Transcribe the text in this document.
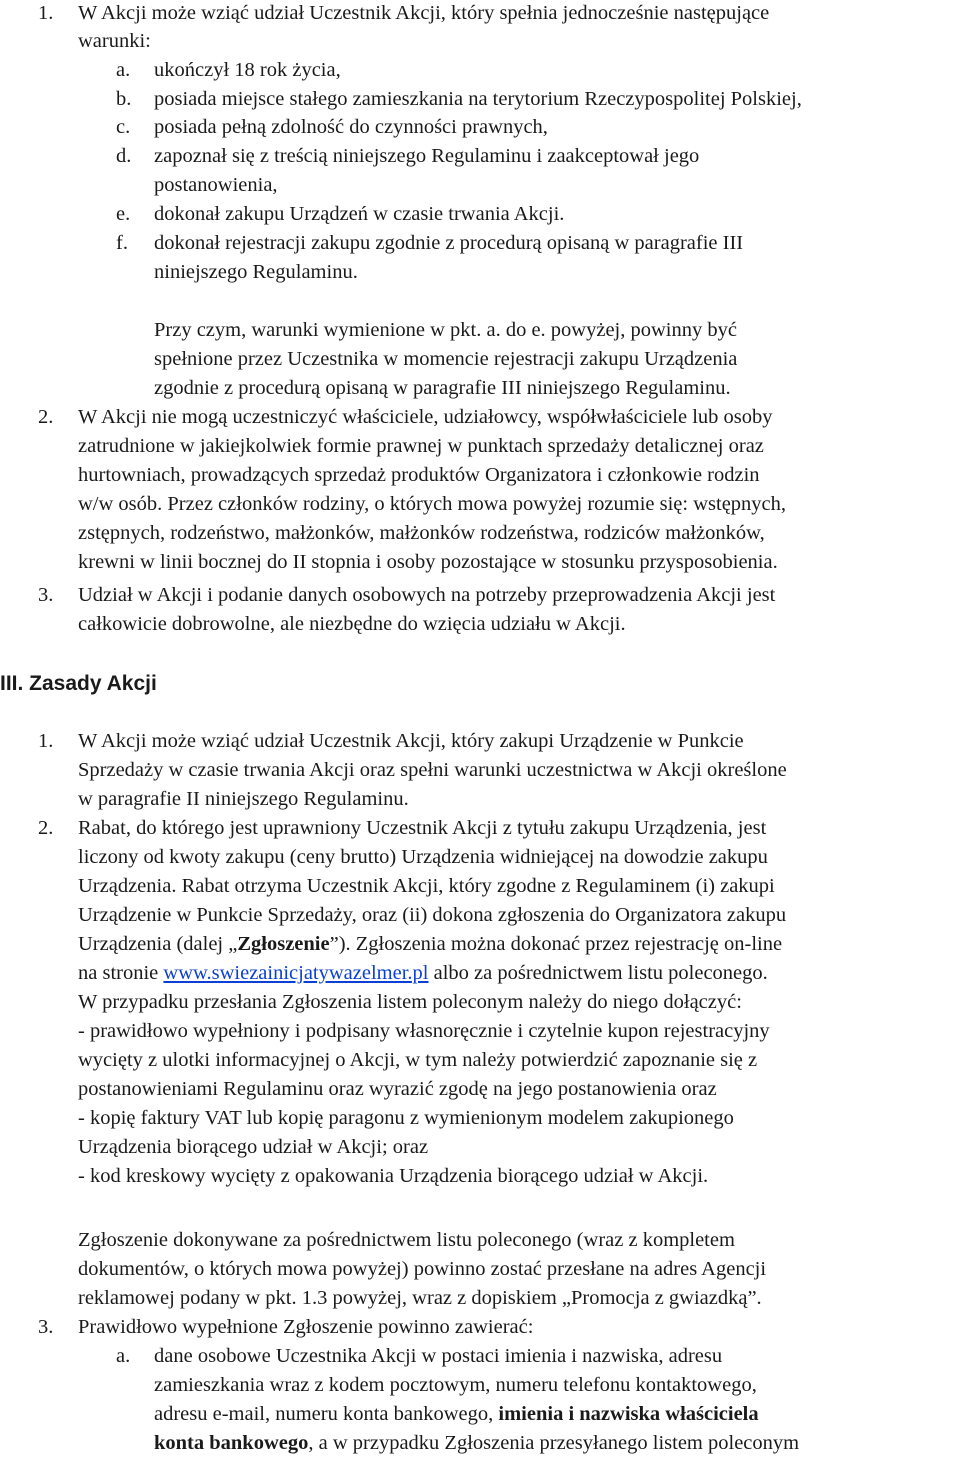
1. W Akcji może wziąć udział Uczestnik Akcji, który spełnia jednocześnie następujące
warunki:
a. ukończył 18 rok życia,
b. posiada miejsce stałego zamieszkania na terytorium Rzeczypospolitej Polskiej,
c. posiada pełną zdolność do czynności prawnych,
d. zapoznał się z treścią niniejszego Regulaminu i zaakceptował jego
postanowienia,
e. dokonał zakupu Urządzeń w czasie trwania Akcji.
f. dokonał rejestracji zakupu zgodnie z procedurą opisaną w paragrafie III
niniejszego Regulaminu.
Przy czym, warunki wymienione w pkt. a. do e. powyżej, powinny być
spełnione przez Uczestnika w momencie rejestracji zakupu Urządzenia
zgodnie z procedurą opisaną w paragrafie III niniejszego Regulaminu.
2. W Akcji nie mogą uczestniczyć właściciele, udziałowcy, współwłaściciele lub osoby
zatrudnione w jakiejkolwiek formie prawnej w punktach sprzedaży detalicznej oraz
hurtowniach, prowadzących sprzedaż produktów Organizatora i członkowie rodzin
w/w osób. Przez członków rodziny, o których mowa powyżej rozumie się: wstępnych,
zstępnych, rodzeństwo, małżonków, małżonków rodzeństwa, rodziców małżonków,
krewni w linii bocznej do II stopnia i osoby pozostające w stosunku przysposobienia.
3. Udział w Akcji i podanie danych osobowych na potrzeby przeprowadzenia Akcji jest
całkowicie dobrowolne, ale niezbędne do wzięcia udziału w Akcji.
III. Zasady Akcji
1. W Akcji może wziąć udział Uczestnik Akcji, który zakupi Urządzenie w Punkcie
Sprzedaży w czasie trwania Akcji oraz spełni warunki uczestnictwa w Akcji określone
w paragrafie II niniejszego Regulaminu.
2. Rabat, do którego jest uprawniony Uczestnik Akcji z tytułu zakupu Urządzenia, jest
liczony od kwoty zakupu (ceny brutto) Urządzenia widniejącej na dowodzie zakupu
Urządzenia. Rabat otrzyma Uczestnik Akcji, który zgodne z Regulaminem (i) zakupi
Urządzenie w Punkcie Sprzedaży, oraz (ii) dokona zgłoszenia do Organizatora zakupu
Urządzenia (dalej „Zgłoszenie”). Zgłoszenia można dokonać przez rejestrację on-line
na stronie www.swiezainicjatywazelmer.pl albo za pośrednictwem listu poleconego.
W przypadku przesłania Zgłoszenia listem poleconym należy do niego dołączyć:
- prawidłowo wypełniony i podpisany własnoręcznie i czytelnie kupon rejestracyjny
wycięty z ulotki informacyjnej o Akcji, w tym należy potwierdzić zapoznanie się z
postanowieniami Regulaminu oraz wyrazić zgodę na jego postanowienia oraz
- kopię faktury VAT lub kopię paragonu z wymienionym modelem zakupionego
Urządzenia biorącego udział w Akcji; oraz
- kod kreskowy wycięty z opakowania Urządzenia biorącego udział w Akcji.
Zgłoszenie dokonywane za pośrednictwem listu poleconego (wraz z kompletem
dokumentów, o których mowa powyżej) powinno zostać przesłane na adres Agencji
reklamowej podany w pkt. 1.3 powyżej, wraz z dopiskiem „Promocja z gwiazdką”.
3. Prawidłowo wypełnione Zgłoszenie powinno zawierać:
a. dane osobowe Uczestnika Akcji w postaci imienia i nazwiska, adresu
zamieszkania wraz z kodem pocztowym, numeru telefonu kontaktowego,
adresu e-mail, numeru konta bankowego, imienia i nazwiska właściciela
konta bankowego, a w przypadku Zgłoszenia przesyłanego listem poleconym
